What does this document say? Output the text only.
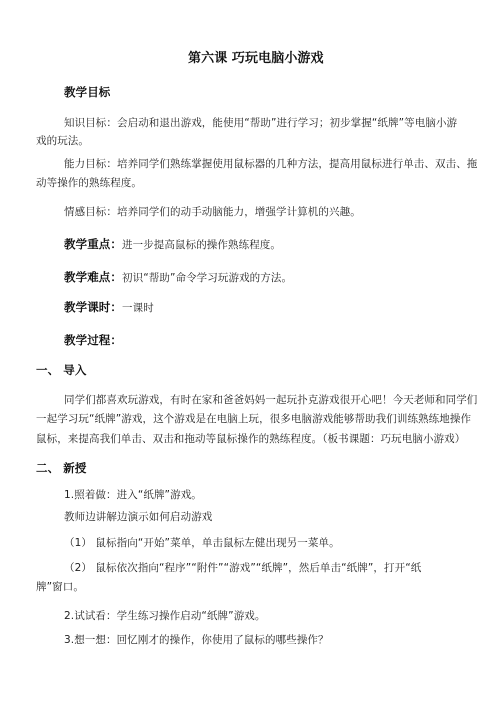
第六课 巧玩电脑小游戏
教学目标
知识目标：会启动和退出游戏，能使用“帮助”进行学习；初步掌握“纸牌”等电脑小游
戏的玩法。
能力目标：培养同学们熟练掌握使用鼠标器的几种方法，提高用鼠标进行单击、双击、拖
动等操作的熟练程度。
情感目标：培养同学们的动手动脑能力，增强学计算机的兴趣。
教学重点：进一步提高鼠标的操作熟练程度。
教学难点：初识“帮助”命令学习玩游戏的方法。
教学课时：一课时
教学过程：
一、 导入
同学们都喜欢玩游戏，有时在家和爸爸妈妈一起玩扑克游戏很开心吧！今天老师和同学们
一起学习玩“纸牌”游戏，这个游戏是在电脑上玩，很多电脑游戏能够帮助我们训练熟练地操作
鼠标，来提高我们单击、双击和拖动等鼠标操作的熟练程度。（板书课题：巧玩电脑小游戏）
二、 新授
1.照着做：进入“纸牌”游戏。
教师边讲解边演示如何启动游戏
（1） 鼠标指向“开始”菜单，单击鼠标左健出现另一菜单。
（2） 鼠标依次指向“程序”“附件”“游戏”“纸牌”，然后单击“纸牌”，打开“纸
牌”窗口。
2.试试看：学生练习操作启动“纸牌”游戏。
3.想一想：回忆刚才的操作，你使用了鼠标的哪些操作？
